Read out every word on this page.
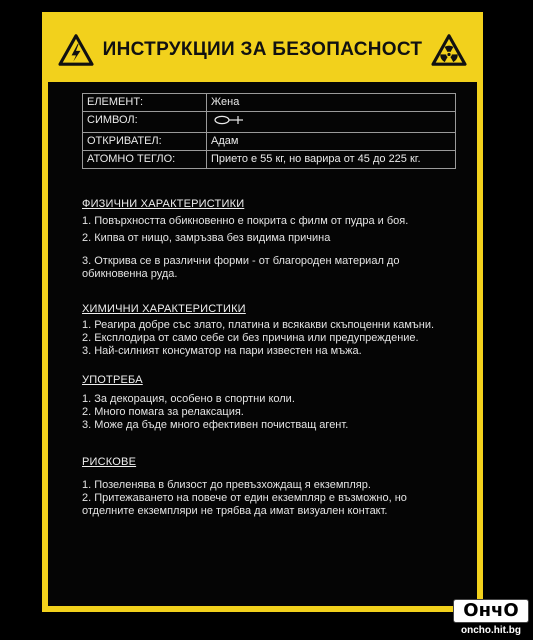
ИНСТРУКЦИИ ЗА БЕЗОПАСНОСТ
ЕЛЕМЕНТ:	Жена
СИМВОЛ:	
ОТКРИВАТЕЛ:	Адам
АТОМНО ТЕГЛО:	Прието е 55 кг, но варира от 45 до 225 кг.
ФИЗИЧНИ ХАРАКТЕРИСТИКИ

1. Повърхността обикновенно е покрита с филм от пудра и боя.

2. Кипва от нищо, замръзва без видима причина

3. Открива се в различни форми - от благороден материал до обикновенна руда.

ХИМИЧНИ ХАРАКТЕРИСТИКИ

1. Реагира добре със злато, платина и всякакви скъпоценни камъни.

2. Експлодира от само себе си без причина или предупреждение.

3. Най-силният консуматор на пари известен на мъжа.

УПОТРЕБА

1. За декорация, особено в спортни коли.

2. Много помага за релаксация.

3. Може да бъде много ефективен почистващ агент.

РИСКОВЕ

1. Позеленява в близост до превъзхождащ я екземпляр.

2. Притежаването на повече от един екземпляр е възможно, но отделните екземпляри не трябва да имат визуален контакт.

ОнчО
oncho.hit.bg
